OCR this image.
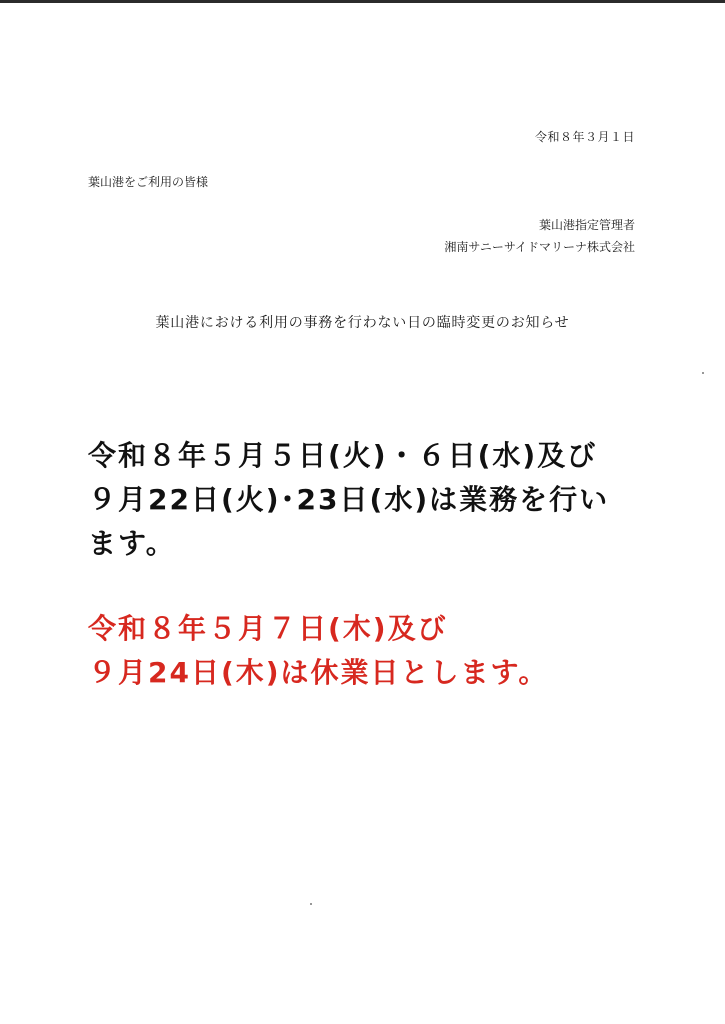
令和８年３月１日
葉山港をご利用の皆様
葉山港指定管理者
湘南サニーサイドマリーナ株式会社
葉山港における利用の事務を行わない日の臨時変更のお知らせ

令和８年５月５日(火)・６日(水)及び
９月22日(火)･23日(水)は業務を行い
ます。

令和８年５月７日(木)及び
９月24日(木)は休業日とします。
